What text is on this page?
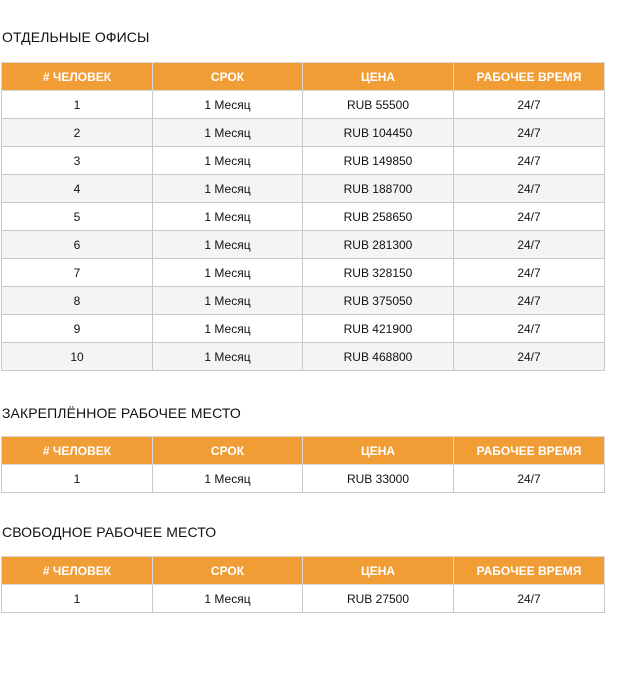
ОТДЕЛЬНЫЕ ОФИСЫ
# ЧЕЛОВЕК	СРОК	ЦЕНА	РАБОЧЕЕ ВРЕМЯ
1	1 Месяц	RUB 55500	24/7
2	1 Месяц	RUB 104450	24/7
3	1 Месяц	RUB 149850	24/7
4	1 Месяц	RUB 188700	24/7
5	1 Месяц	RUB 258650	24/7
6	1 Месяц	RUB 281300	24/7
7	1 Месяц	RUB 328150	24/7
8	1 Месяц	RUB 375050	24/7
9	1 Месяц	RUB 421900	24/7
10	1 Месяц	RUB 468800	24/7
ЗАКРЕПЛЁННОЕ РАБОЧЕЕ МЕСТО
# ЧЕЛОВЕК	СРОК	ЦЕНА	РАБОЧЕЕ ВРЕМЯ
1	1 Месяц	RUB 33000	24/7
СВОБОДНОЕ РАБОЧЕЕ МЕСТО
# ЧЕЛОВЕК	СРОК	ЦЕНА	РАБОЧЕЕ ВРЕМЯ
1	1 Месяц	RUB 27500	24/7
